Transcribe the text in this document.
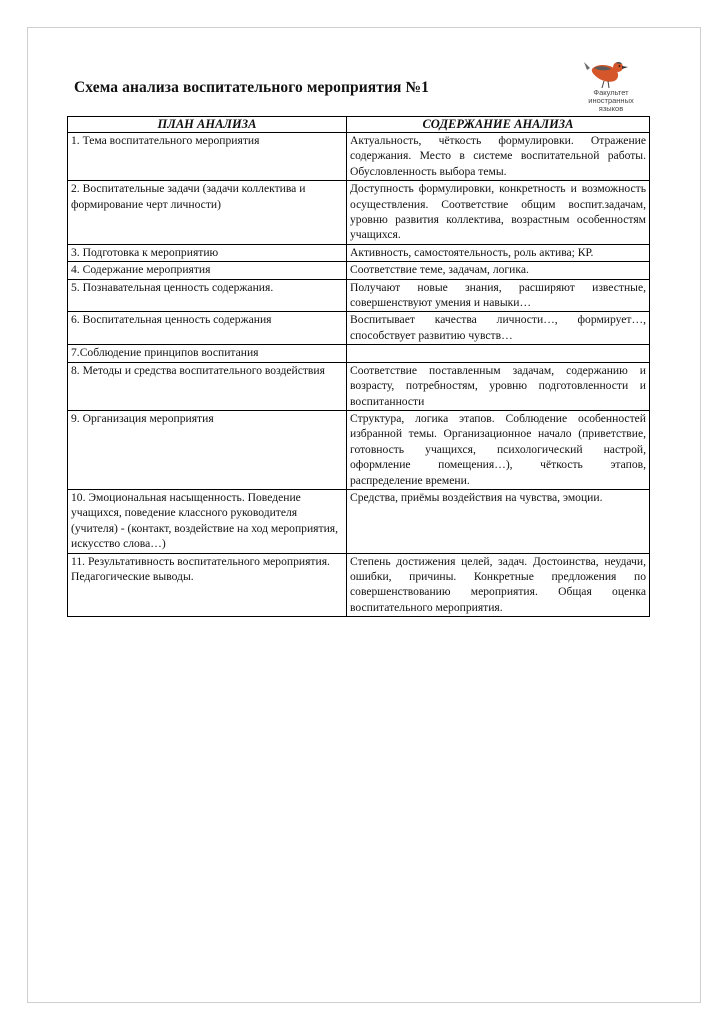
Схема анализа воспитательного мероприятия №1	Факультет
иностранных
языков
ПЛАН АНАЛИЗА	СОДЕРЖАНИЕ АНАЛИЗА
1. Тема воспитательного мероприятия	Актуальность, чёткость формулировки. Отражение содержания. Место в системе воспитательной работы. Обусловленность выбора темы.
2. Воспитательные задачи (задачи коллектива и формирование черт личности)	Доступность формулировки, конкретность и возможность осуществления. Соответствие общим воспит.задачам, уровню развития коллектива, возрастным особенностям учащихся.
3. Подготовка к мероприятию	Активность, самостоятельность, роль актива; КР.
4. Содержание мероприятия	Соответствие теме, задачам, логика.
5. Познавательная ценность содержания.	Получают новые знания, расширяют известные, совершенствуют умения и навыки…
6. Воспитательная ценность содержания	Воспитывает качества личности…, формирует…, способствует развитию чувств…
7.Соблюдение принципов воспитания	
8. Методы и средства воспитательного воздействия	Соответствие поставленным задачам, содержанию и возрасту, потребностям, уровню подготовленности и воспитанности
9. Организация мероприятия	Структура, логика этапов. Соблюдение особенностей избранной темы. Организационное начало (приветствие, готовность учащихся, психологический настрой, оформление помещения…), чёткость этапов, распределение времени.
10. Эмоциональная насыщенность. Поведение учащихся, поведение классного руководителя (учителя) - (контакт, воздействие на ход мероприятия, искусство слова…)	Средства, приёмы воздействия на чувства, эмоции.
11. Результативность воспитательного мероприятия. Педагогические выводы.	Степень достижения целей, задач. Достоинства, неудачи, ошибки, причины. Конкретные предложения по совершенствованию мероприятия. Общая оценка воспитательного мероприятия.
